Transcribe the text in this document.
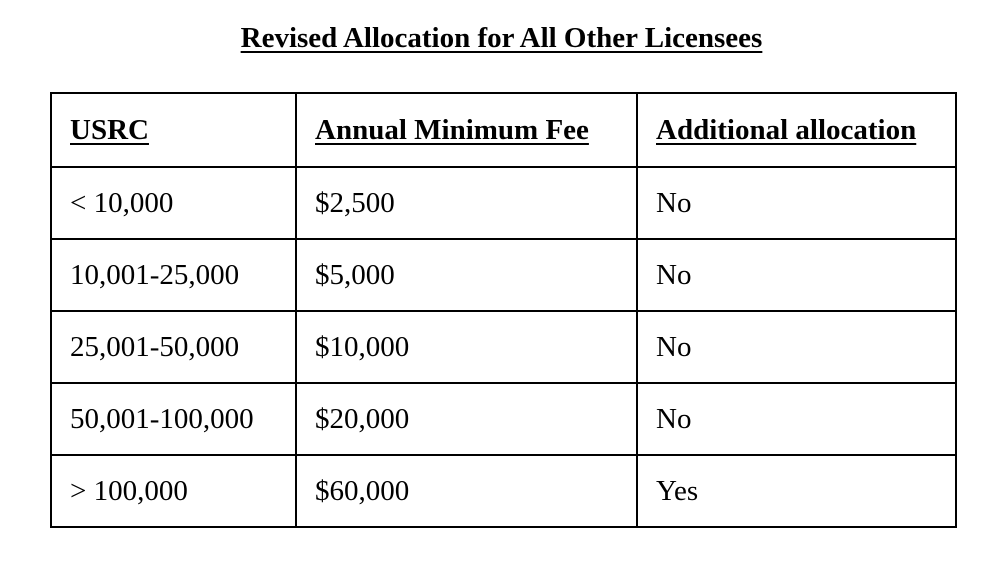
Revised Allocation for All Other Licensees
USRC	Annual Minimum Fee	Additional allocation
< 10,000	$2,500	No
10,001-25,000	$5,000	No
25,001-50,000	$10,000	No
50,001-100,000	$20,000	No
> 100,000	$60,000	Yes
